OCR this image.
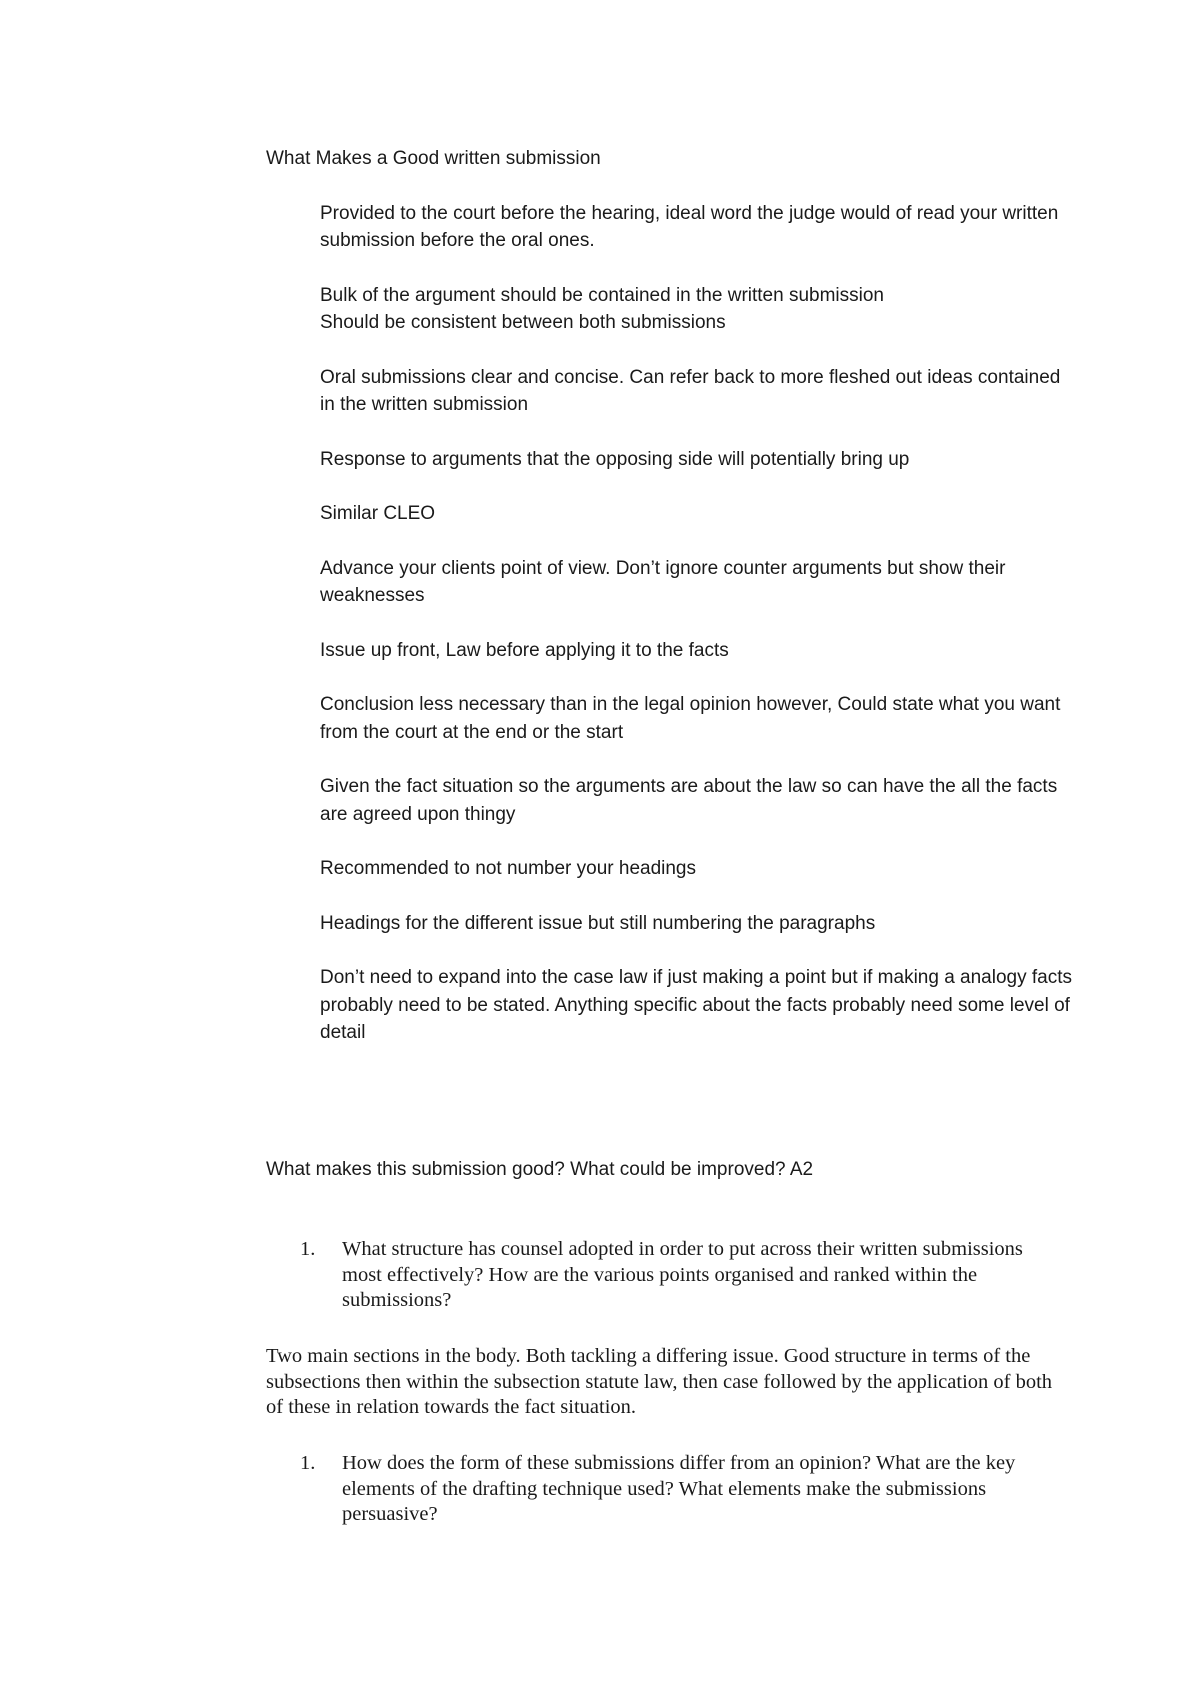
What Makes a Good written submission
Provided to the court before the hearing, ideal word the judge would of read your written submission before the oral ones.
Bulk of the argument should be contained in the written submission
Should be consistent between both submissions
Oral submissions clear and concise. Can refer back to more fleshed out ideas contained in the written submission
Response to arguments that the opposing side will potentially bring up
Similar CLEO
Advance your clients point of view. Don’t ignore counter arguments but show their weaknesses
Issue up front, Law before applying it to the facts
Conclusion less necessary than in the legal opinion however, Could state what you want from the court at the end or the start
Given the fact situation so the arguments are about the law so can have the all the facts are agreed upon thingy
Recommended to not number your headings
Headings for the different issue but still numbering the paragraphs
Don’t need to expand into the case law if just making a point but if making a analogy facts probably need to be stated. Anything specific about the facts probably need some level of detail
What makes this submission good? What could be improved? A2
1.	What structure has counsel adopted in order to put across their written submissions most effectively? How are the various points organised and ranked within the submissions?

Two main sections in the body. Both tackling a differing issue. Good structure in terms of the subsections then within the subsection statute law, then case followed by the application of both of these in relation towards the fact situation.

1.	How does the form of these submissions differ from an opinion? What are the key elements of the drafting technique used? What elements make the submissions persuasive?
